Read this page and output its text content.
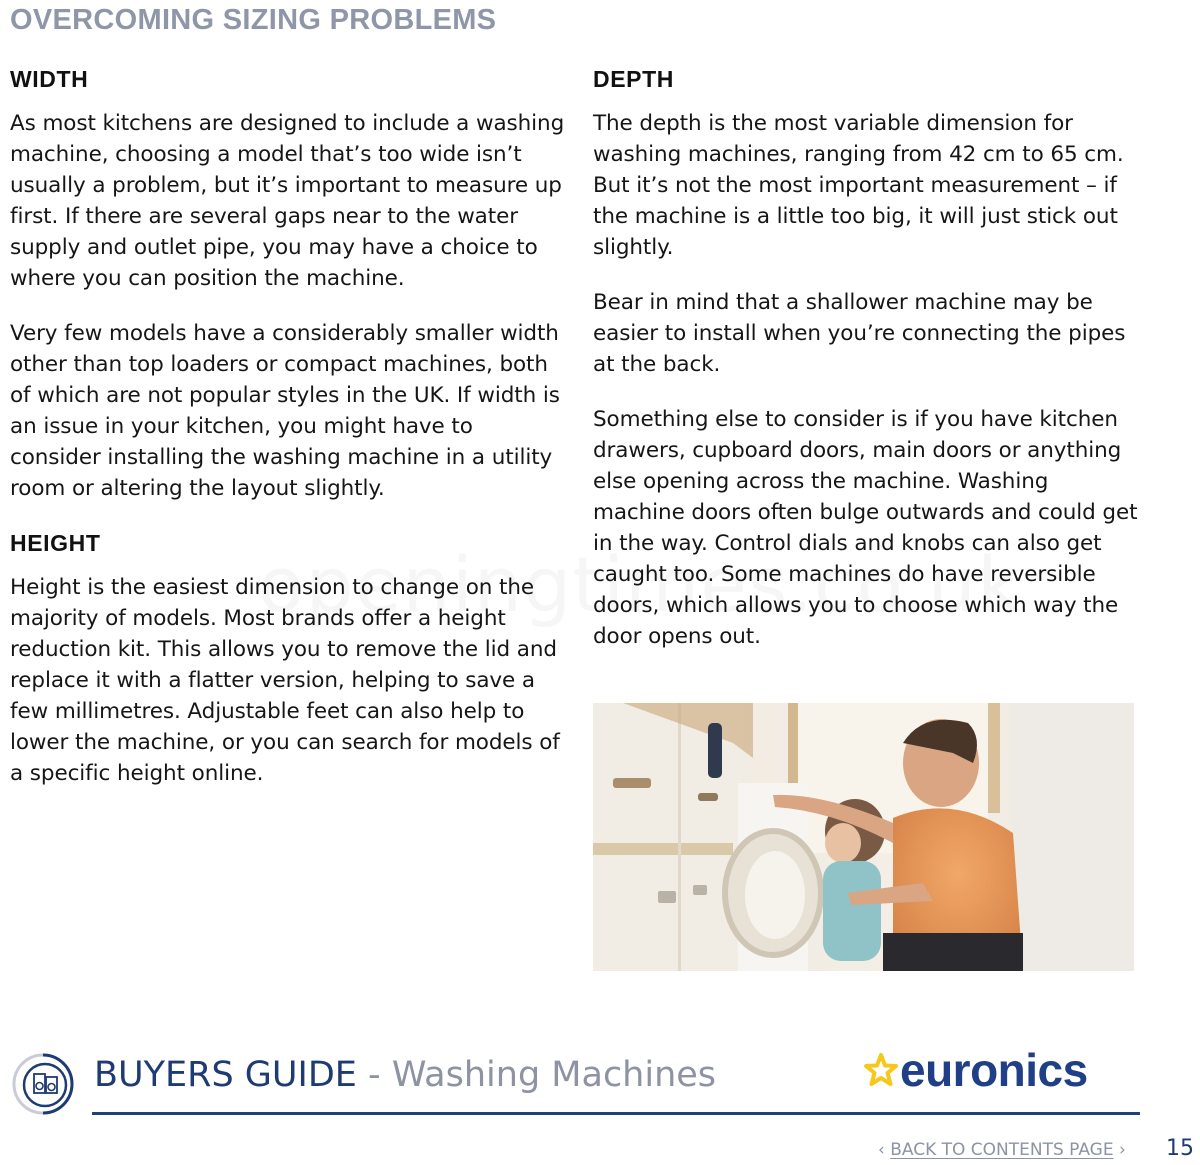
OVERCOMING SIZING PROBLEMS
WIDTH

As most kitchens are designed to include a washing machine, choosing a model that’s too wide isn’t usually a problem, but it’s important to measure up first. If there are several gaps near to the water supply and outlet pipe, you may have a choice to where you can position the machine.

Very few models have a considerably smaller width other than top loaders or compact machines, both of which are not popular styles in the UK. If width is an issue in your kitchen, you might have to consider installing the washing machine in a utility room or altering the layout slightly.

HEIGHT

Height is the easiest dimension to change on the majority of models. Most brands offer a height reduction kit. This allows you to remove the lid and replace it with a flatter version, helping to save a few millimetres. Adjustable feet can also help to lower the machine, or you can search for models of a specific height online.

DEPTH

The depth is the most variable dimension for washing machines, ranging from 42 cm to 65 cm. But it’s not the most important measurement – if the machine is a little too big, it will just stick out slightly.

Bear in mind that a shallower machine may be easier to install when you’re connecting the pipes at the back.

Something else to consider is if you have kitchen drawers, cupboard doors, main doors or anything else opening across the machine. Washing machine doors often bulge outwards and could get in the way. Control dials and knobs can also get caught too. Some machines do have reversible doors, which allows you to choose which way the door opens out.

BUYERS GUIDE - Washing Machines	euronics
‹ BACK TO CONTENTS PAGE › 15
